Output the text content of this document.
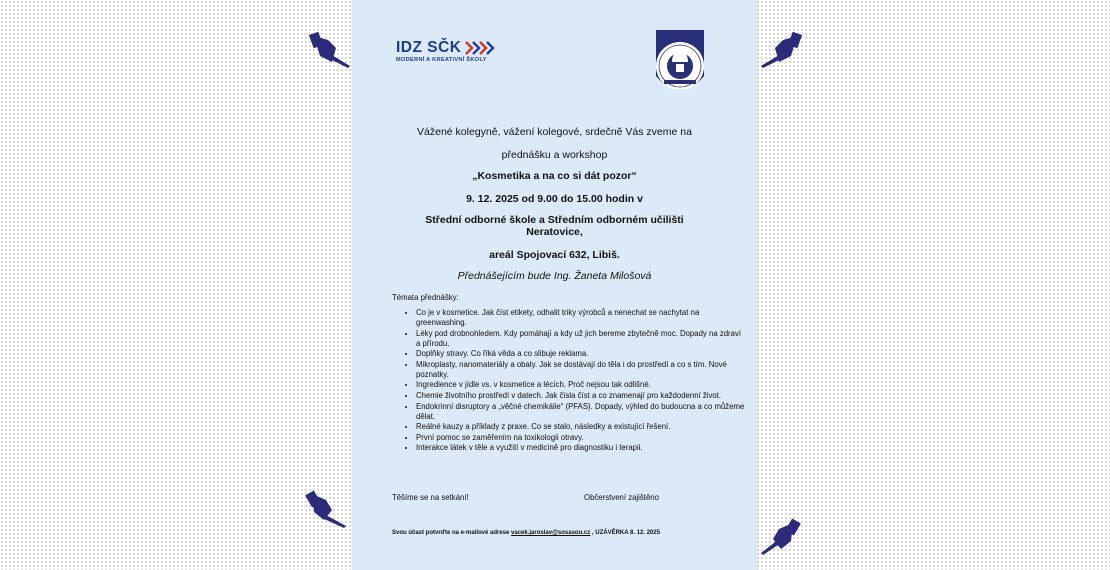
IDZ SČK
MODERNÍ A KREATIVNÍ ŠKOLY
Vážené kolegyně, vážení kolegové, srdečně Vás zveme na
přednášku a workshop
„Kosmetika a na co si dát pozor“
9. 12. 2025 od 9.00 do 15.00 hodin v
Střední odborné škole a Středním odborném učilišti
Neratovice,
areál Spojovací 632, Libiš.
Přednášejícím bude Ing. Žaneta Milošová
Témata přednášky:
• Co je v kosmetice. Jak číst etikety, odhalit triky výrobců a nenechat se nachytat na greenwashing.
• Léky pod drobnohledem. Kdy pomáhají a kdy už jich bereme zbytečně moc. Dopady na zdraví a přírodu.
• Doplňky stravy. Co říká věda a co slibuje reklama.
• Mikroplasty, nanomateriály a obaly. Jak se dostávají do těla i do prostředí a co s tím. Nové poznatky.
• Ingredience v jídle vs. v kosmetice a lécích. Proč nejsou tak odlišné.
• Chemie životního prostředí v datech. Jak čísla číst a co znamenají pro každodenní život.
• Endokrinní disruptory a „věčné chemikálie“ (PFAS). Dopady, výhled do budoucna a co můžeme dělat.
• Reálné kauzy a příklady z praxe. Co se stalo, následky a existující řešení.
• První pomoc se zaměřením na toxikologii otravy.
• Interakce látek v těle a využití v medicíně pro diagnostiku i terapii.
Těšíme se na setkání!	Občerstvení zajištěno
Svou účast potvrďte na e-mailové adrese vacek.jaroslav@sosasou.cz , UZÁVĚRKA 8. 12. 2025
